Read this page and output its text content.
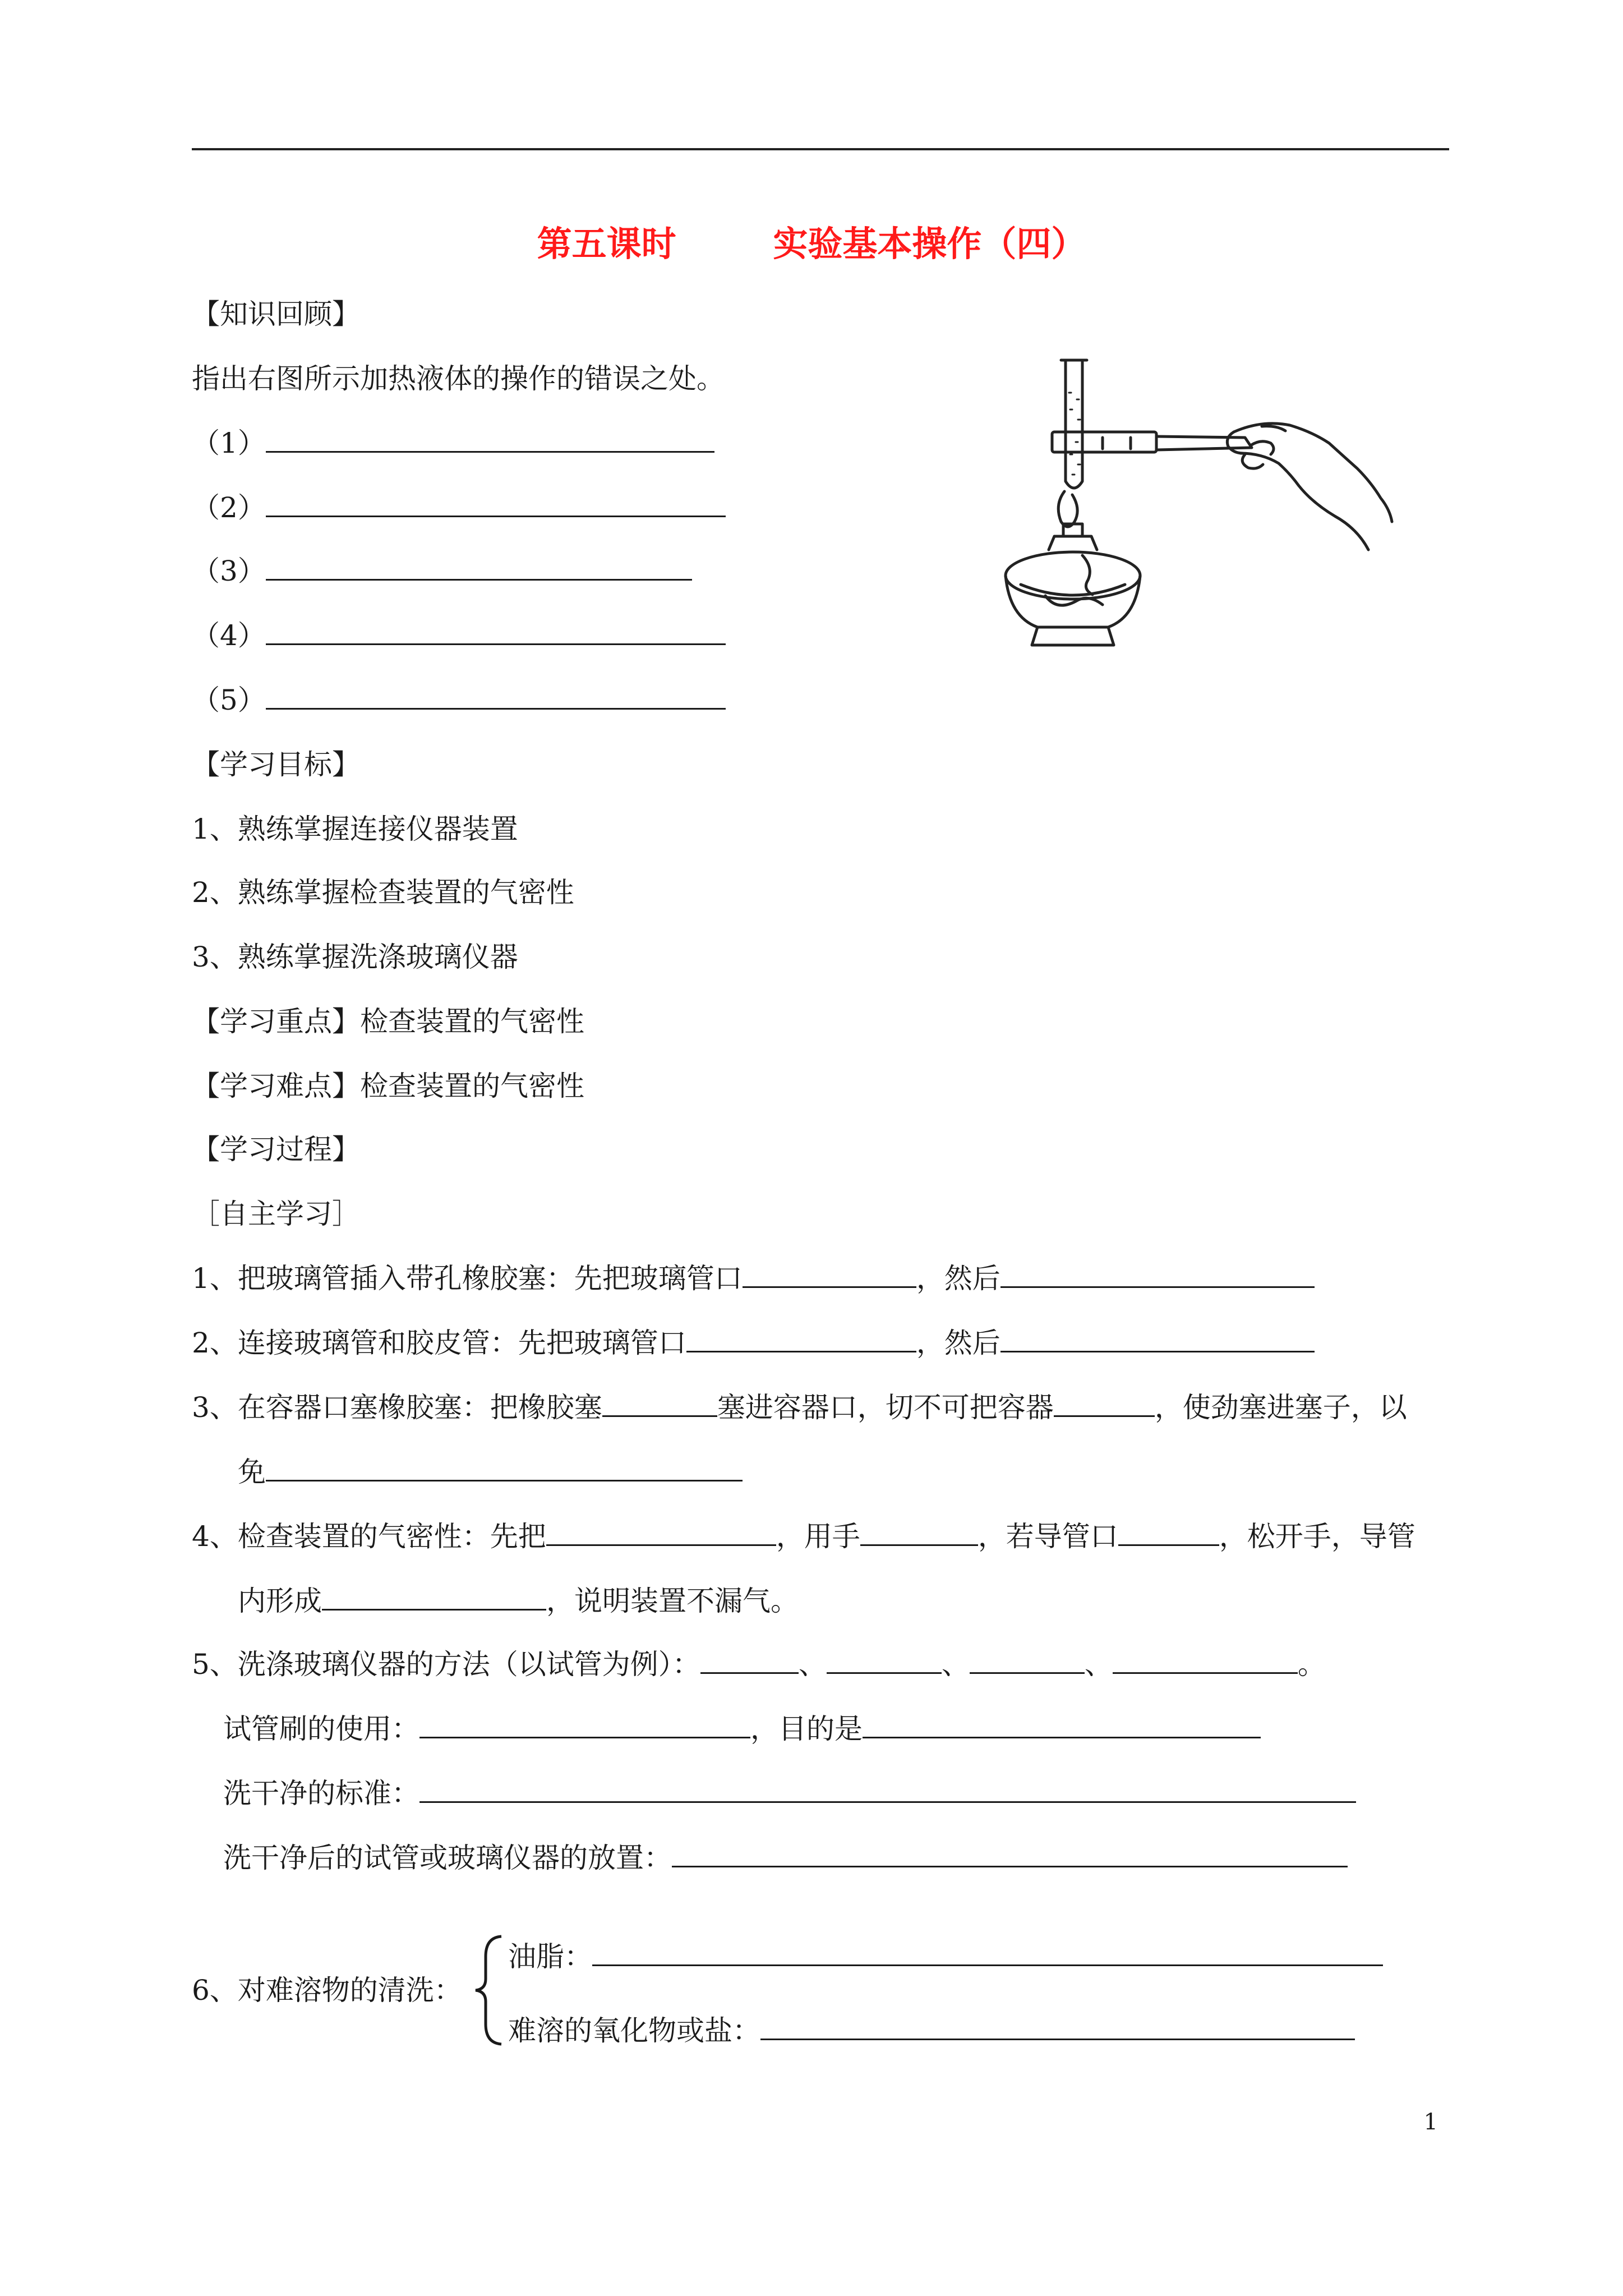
第五课时        实验基本操作（四）
【知识回顾】
指出右图所示加热液体的操作的错误之处。
（1）
（2）
（3）
（4）
（5）
【学习目标】
1、熟练掌握连接仪器装置
2、熟练掌握检查装置的气密性
3、熟练掌握洗涤玻璃仪器
【学习重点】检查装置的气密性
【学习难点】检查装置的气密性
【学习过程】
［自主学习］
1、把玻璃管插入带孔橡胶塞：先把玻璃管口	，然后
2、连接玻璃管和胶皮管：先把玻璃管口	，然后
3、在容器口塞橡胶塞：把橡胶塞	塞进容器口，切不可把容器	，使劲塞进塞子，以
免
4、检查装置的气密性：先把	，用手	，若导管口	，松开手，导管
内形成	，说明装置不漏气。
5、洗涤玻璃仪器的方法（以试管为例）：	、	、	、	。
试管刷的使用：	，目的是
洗干净的标准：
洗干净后的试管或玻璃仪器的放置：
6、对难溶物的清洗：
油脂：
难溶的氧化物或盐：
1
